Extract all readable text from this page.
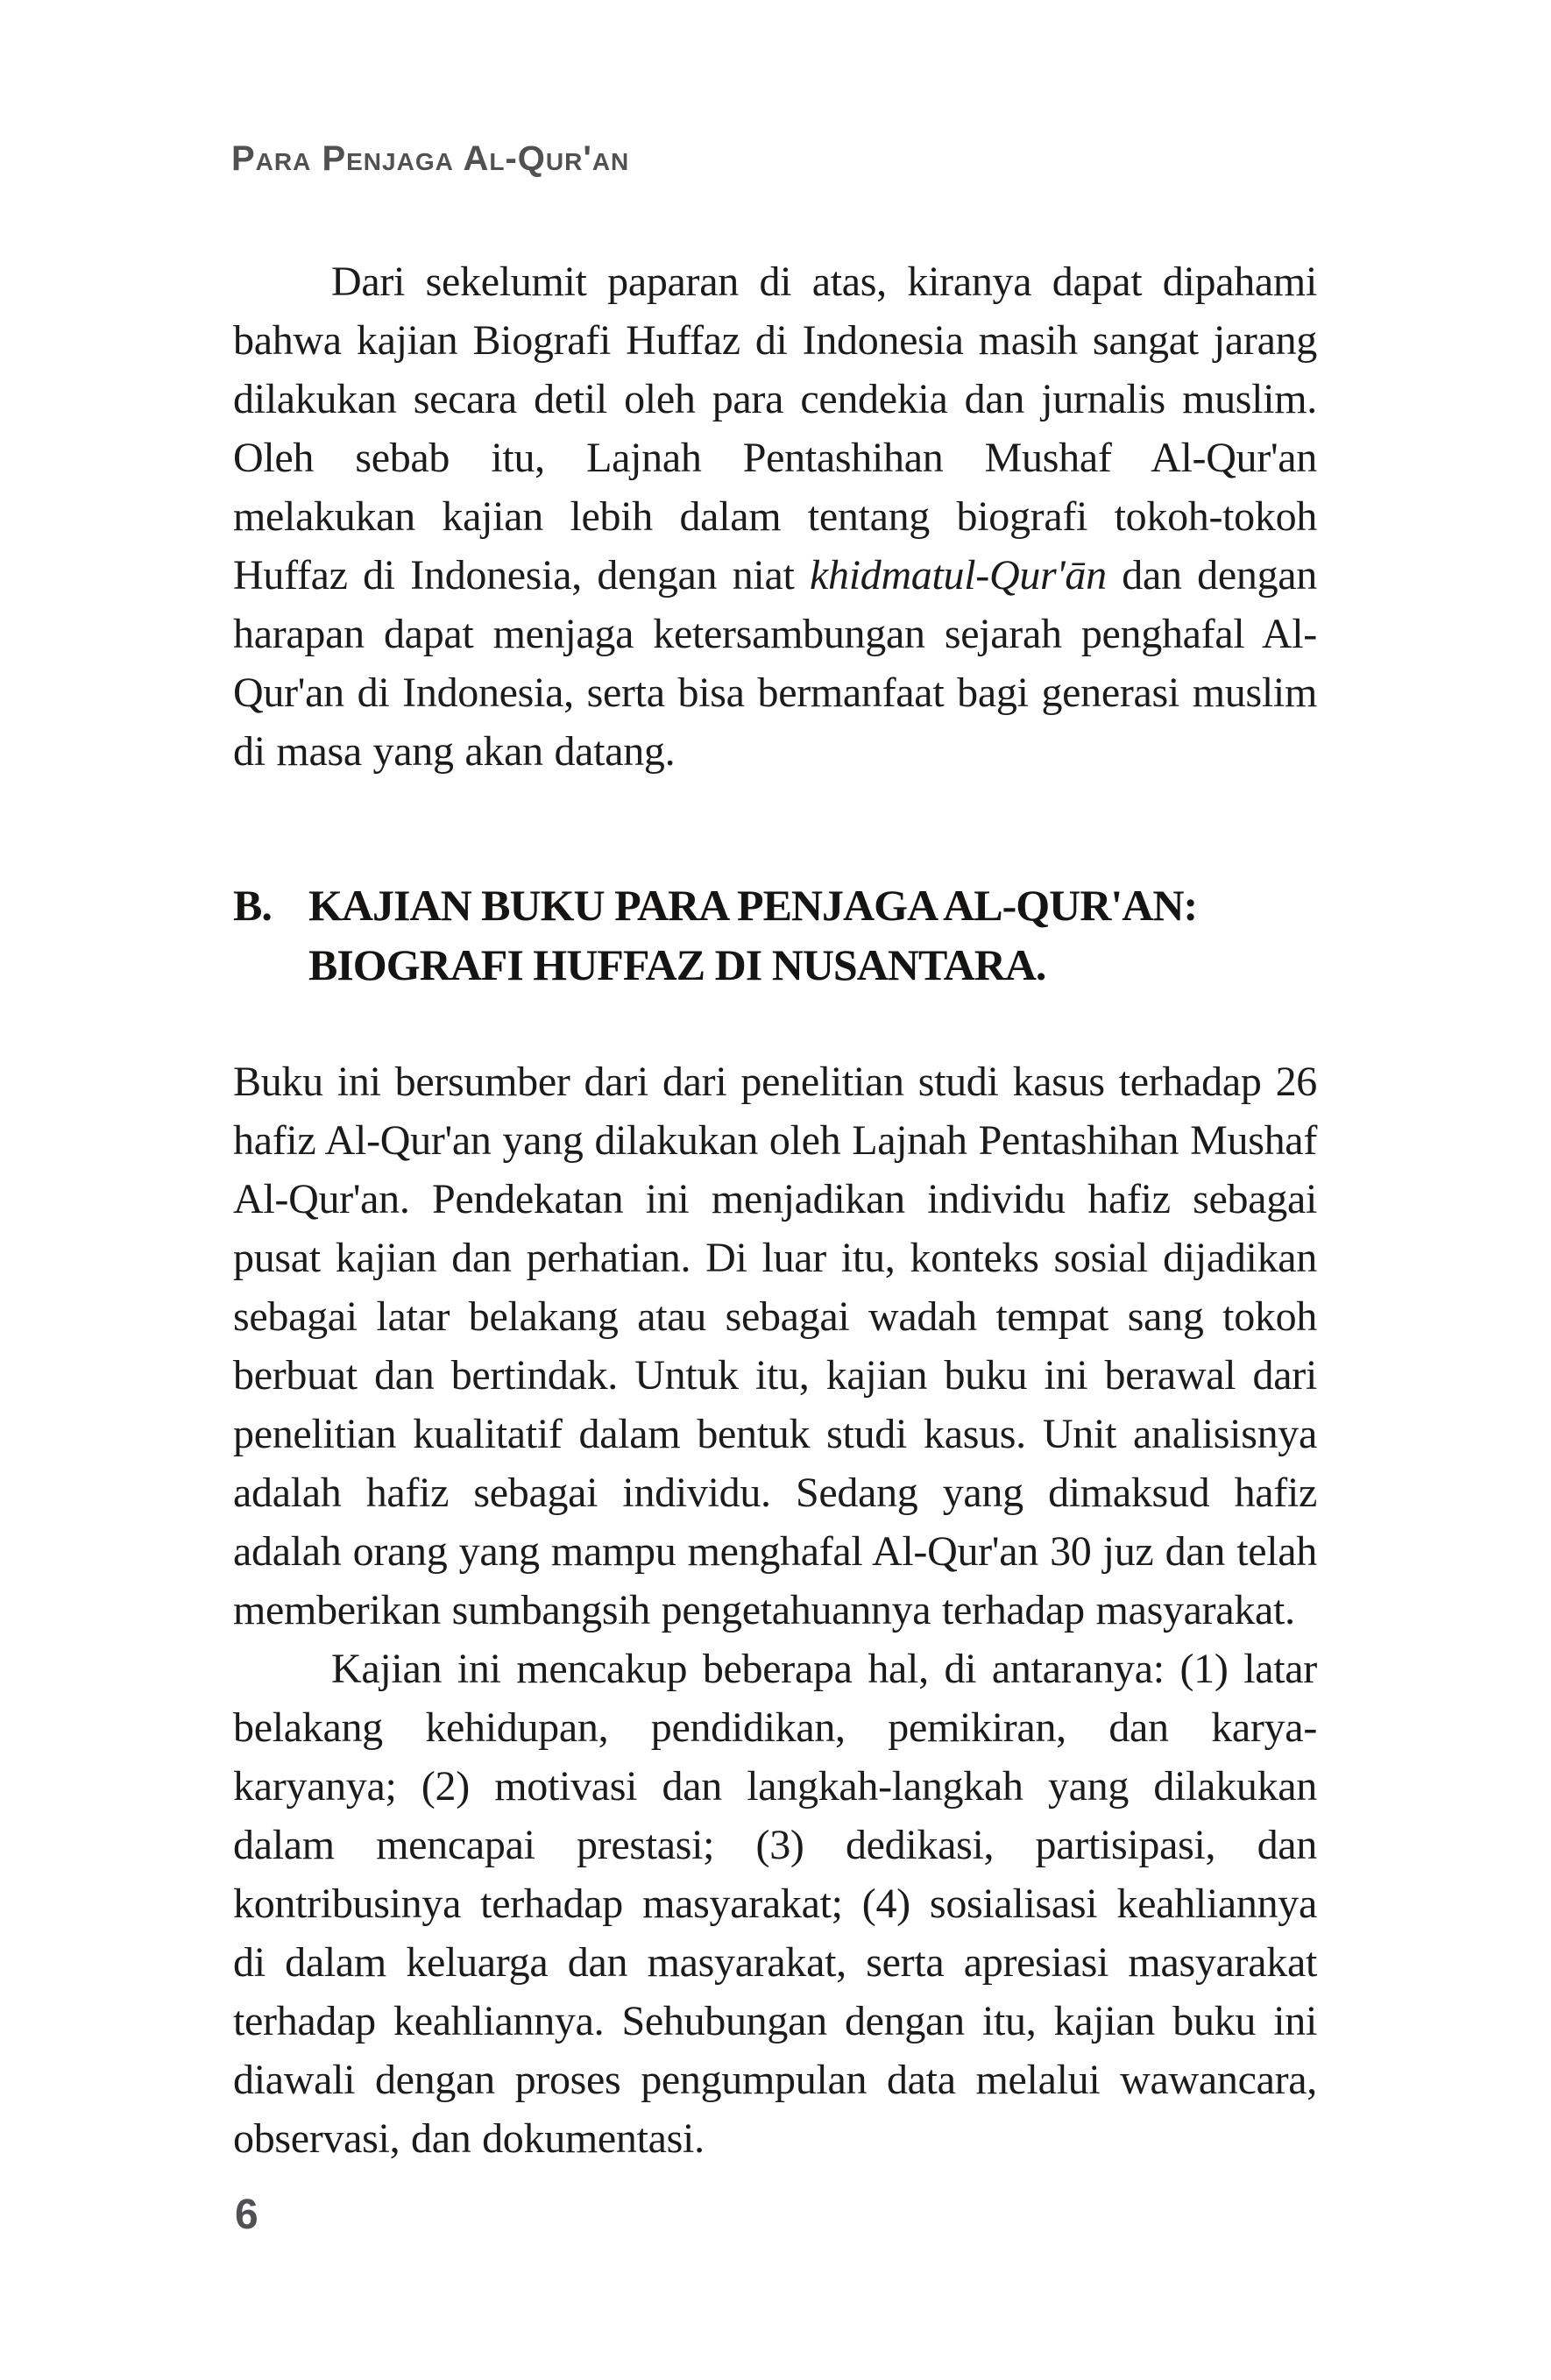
Para Penjaga Al-Qur'an

Dari sekelumit paparan di atas, kiranya dapat dipahami bahwa kajian Biografi Huffaz di Indonesia masih sangat jarang dilakukan secara detil oleh para cendekia dan jurnalis muslim. Oleh sebab itu, Lajnah Pentashihan Mushaf Al-Qur'an melakukan kajian lebih dalam tentang biografi tokoh-tokoh Huffaz di Indonesia, dengan niat khidmatul-Qur'ān dan dengan harapan dapat menjaga ketersambungan sejarah penghafal Al-Qur'an di Indonesia, serta bisa bermanfaat bagi generasi muslim di masa yang akan datang.

B. KAJIAN BUKU PARA PENJAGA AL-QUR'AN:
BIOGRAFI HUFFAZ DI NUSANTARA.

Buku ini bersumber dari dari penelitian studi kasus terhadap 26 hafiz Al-Qur'an yang dilakukan oleh Lajnah Pentashihan Mushaf Al-Qur'an. Pendekatan ini menjadikan individu hafiz sebagai pusat kajian dan perhatian. Di luar itu, konteks sosial dijadikan sebagai latar belakang atau sebagai wadah tempat sang tokoh berbuat dan bertindak. Untuk itu, kajian buku ini berawal dari penelitian kualitatif dalam bentuk studi kasus. Unit analisisnya adalah hafiz sebagai individu. Sedang yang dimaksud hafiz adalah orang yang mampu menghafal Al-Qur'an 30 juz dan telah memberikan sumbangsih pengetahuannya terhadap masyarakat.

Kajian ini mencakup beberapa hal, di antaranya: (1) latar belakang kehidupan, pendidikan, pemikiran, dan karya-karyanya; (2) motivasi dan langkah-langkah yang dilakukan dalam mencapai prestasi; (3) dedikasi, partisipasi, dan kontribusinya terhadap masyarakat; (4) sosialisasi keahliannya di dalam keluarga dan masyarakat, serta apresiasi masyarakat terhadap keahliannya. Sehubungan dengan itu, kajian buku ini diawali dengan proses pengumpulan data melalui wawancara, observasi, dan dokumentasi.

6
